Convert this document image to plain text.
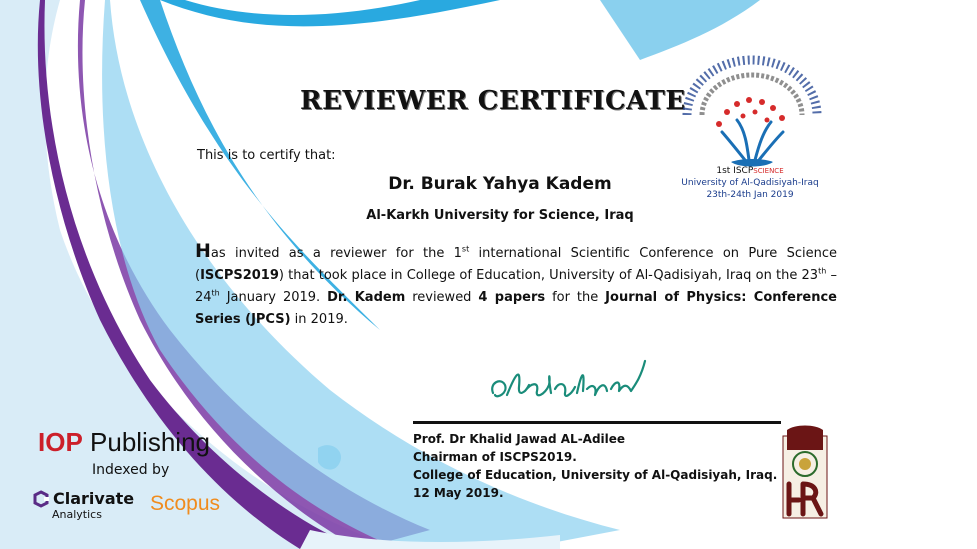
REVIEWER CERTIFICATE
This is to certify that:
Dr. Burak Yahya Kadem
Al-Karkh University for Science, Iraq
Has invited as a reviewer for the 1st international Scientific Conference on Pure Science (ISCPS2019) that took place in College of Education, University of Al-Qadisiyah, Iraq on the 23th – 24th January 2019. Dr. Kadem reviewed 4 papers for the Journal of Physics: Conference Series (JPCS) in 2019.
Prof. Dr Khalid Jawad AL-Adilee
Chairman of ISCPS2019.
College of Education, University of Al-Qadisiyah, Iraq.
12 May 2019.
IOP Publishing
Indexed by
Clarivate
Analytics	Scopus
1st ISCPSCIENCE
University of Al-Qadisiyah-Iraq
23th-24th Jan 2019
